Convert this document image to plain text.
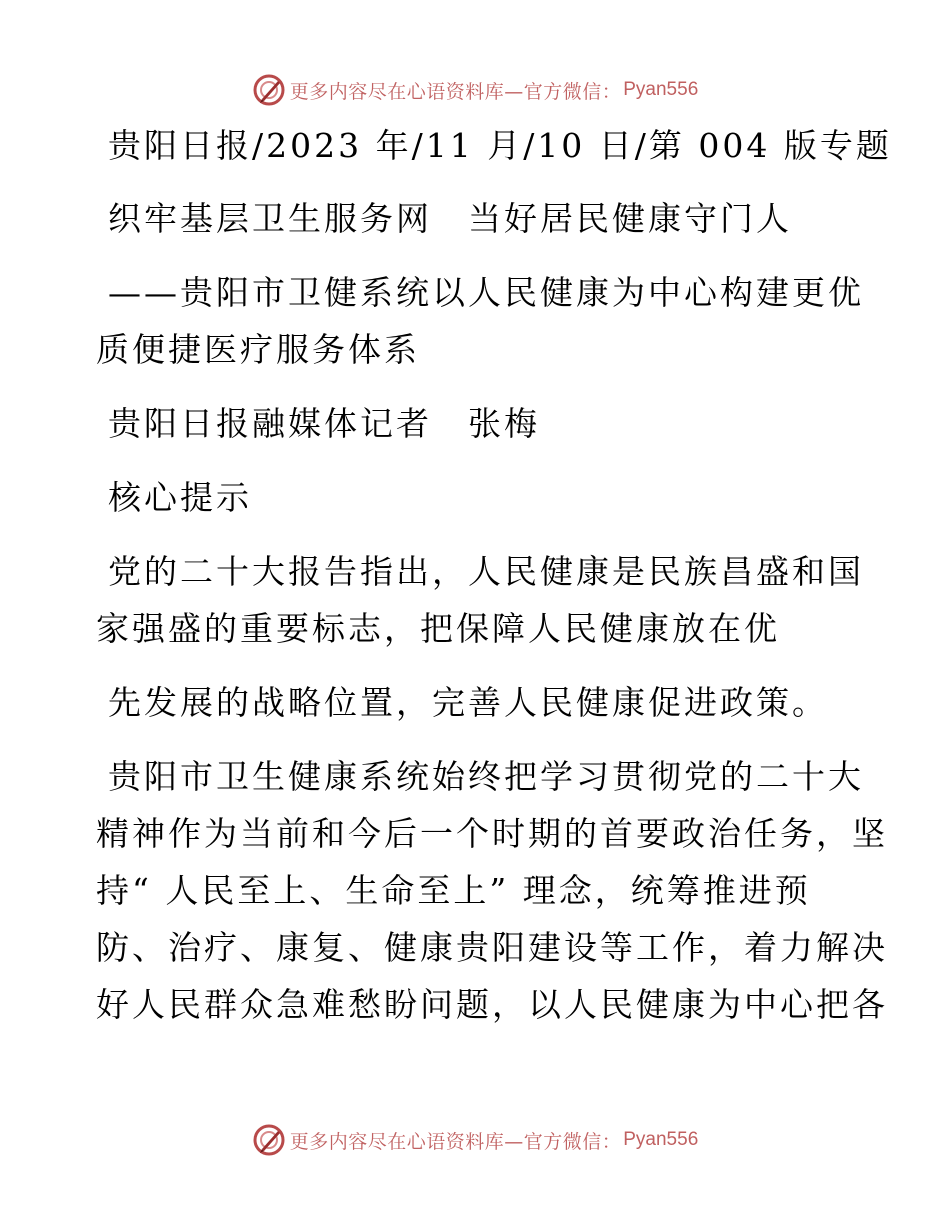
更多内容尽在心语资料库—官方微信： Pyan556
贵阳日报/2023 年/11 月/10 日/第 004 版专题
织牢基层卫生服务网　当好居民健康守门人
——贵阳市卫健系统以人民健康为中心构建更优
质便捷医疗服务体系
贵阳日报融媒体记者　张梅
核心提示
党的二十大报告指出，人民健康是民族昌盛和国
家强盛的重要标志，把保障人民健康放在优
先发展的战略位置，完善人民健康促进政策。
贵阳市卫生健康系统始终把学习贯彻党的二十大
精神作为当前和今后一个时期的首要政治任务，坚
持“ 人民至上、生命至上” 理念，统筹推进预
防、治疗、康复、健康贵阳建设等工作，着力解决
好人民群众急难愁盼问题，以人民健康为中心把各
更多内容尽在心语资料库—官方微信： Pyan556
